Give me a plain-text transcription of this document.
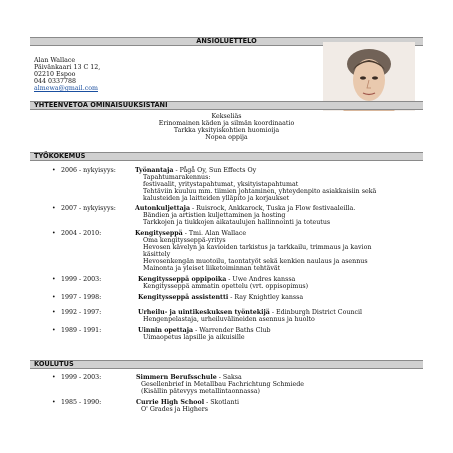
ANSIOLUETTELO
Alan Wallace
Päivänkaari 13 C 12,
02210 Espoo
044 0337788
almewa@gmail.com
YHTEENVETOA OMINAISUUKSISTANI
Kekseliäs
Erinomainen käden ja silmän koordinaatio
Tarkka yksityiskohtien huomioija
Nopea oppija
TYÖKOKEMUS
• 2006 - nykyisyys:	Työnantaja - Pågå Oy, Sun Effects Oy
Tapahtumarakennus:
festivaalit, yritystapahtumat, yksityistapahtumat
Tehtäviin kuuluu mm. tiimien johtaminen, yhteydenpito asiakkaisiin sekä
kalusteiden ja laitteiden ylläpito ja korjaukset
• 2007 - nykyisyys:	Autonkuljettaja - Ruisrock, Ankkarock, Tuska ja Flow festivaaleilla.
Bändien ja artistien kuljettaminen ja hosting
Tarkkojen ja tiukkojen aikataulujen hallinnointi ja toteutus
• 2004 - 2010:	Kengityseppä - Tmi. Alan Wallace
Oma kengitysseppä-yritys
Hevosen kävelyn ja kavioiden tarkistus ja tarkkailu, trimmaus ja kavion
käsittely
Hevosenkengän muotoilu, taontatyöt sekä kenkien naulaus ja asennus
Mainonta ja yleiset liiketoiminnan tehtävät
• 1999 - 2003:	Kengitysseppä oppipoika - Uwe Andres kanssa
Kengitysseppä ammatin opettelu (vrt. oppisopimus)
• 1997 - 1998:	Kengitysseppä assistentti - Ray Knightley kanssa
• 1992 - 1997:	Urheilu- ja uintikeskuksen työntekijä - Edinburgh District Council
Hengenpelastaja, urheiluvälineiden asennus ja huolto
• 1989 - 1991:	Uinnin opettaja - Warrender Baths Club
Uimaopetus lapsille ja aikuisille
KOULUTUS
• 1999 - 2003:	Simmern Berufsschule - Saksa
Gesellenbrief in Metallbau Fachrichtung Schmiede
(Kisällin pätevyys metallintaonnassa)
• 1985 - 1990:	Currie High School - Skotlanti
O' Grades ja Highers
